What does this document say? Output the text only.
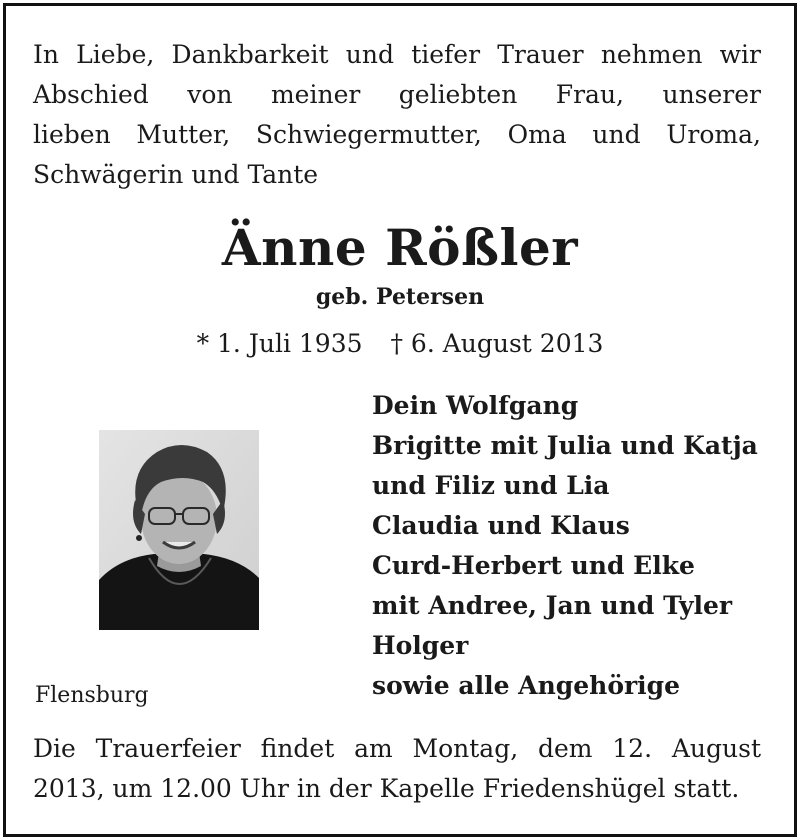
In Liebe, Dankbarkeit und tiefer Trauer nehmen wir
Abschied von meiner geliebten Frau, unserer
lieben Mutter, Schwiegermutter, Oma und Uroma,
Schwägerin und Tante

Änne Rößler
geb. Petersen
* 1. Juli 1935 † 6. August 2013
Dein Wolfgang
Brigitte mit Julia und Katja
und Filiz und Lia
Claudia und Klaus
Curd-Herbert und Elke
mit Andree, Jan und Tyler
Holger
sowie alle Angehörige
Flensburg

Die Trauerfeier findet am Montag, dem 12. August
2013, um 12.00 Uhr in der Kapelle Friedenshügel statt.
